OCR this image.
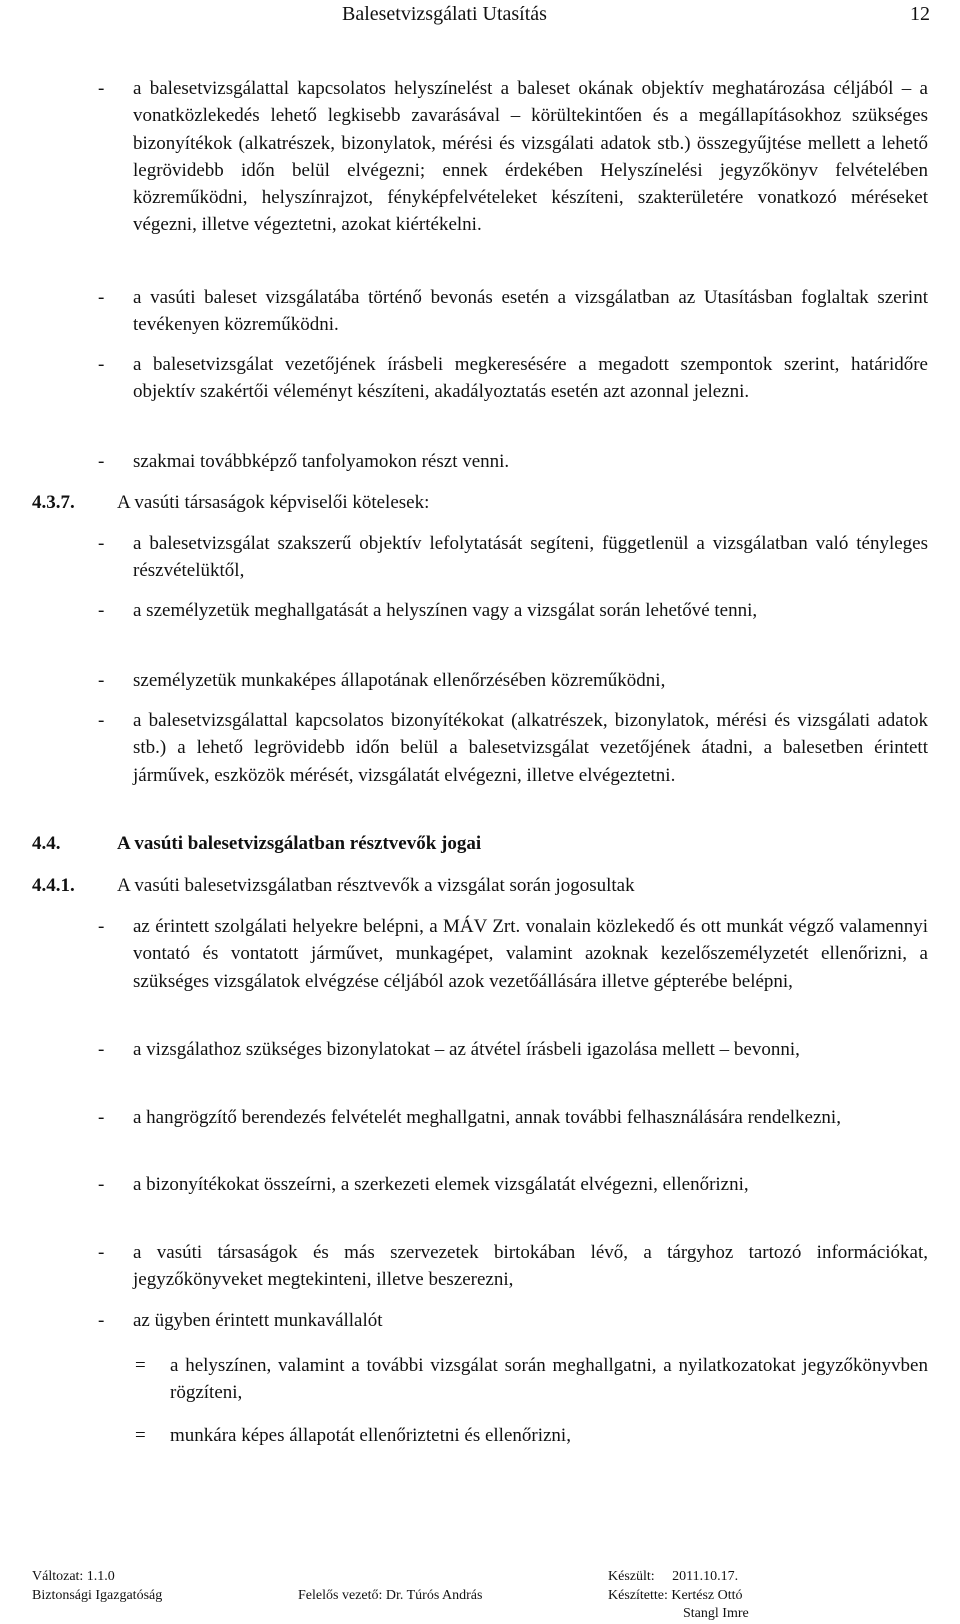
Balesetvizsgálati Utasítás	12
- a balesetvizsgálattal kapcsolatos helyszínelést a baleset okának objektív meghatározása céljából – a vonatközlekedés lehető legkisebb zavarásával – körültekintően és a megállapításokhoz szükséges bizonyítékok (alkatrészek, bizonylatok, mérési és vizsgálati adatok stb.) összegyűjtése mellett a lehető legrövidebb időn belül elvégezni; ennek érdekében Helyszínelési jegyzőkönyv felvételében közreműködni, helyszínrajzot, fényképfelvételeket készíteni, szakterületére vonatkozó méréseket végezni, illetve végeztetni, azokat kiértékelni.
- a vasúti baleset vizsgálatába történő bevonás esetén a vizsgálatban az Utasításban foglaltak szerint tevékenyen közreműködni.
- a balesetvizsgálat vezetőjének írásbeli megkeresésére a megadott szempontok szerint, határidőre objektív szakértői véleményt készíteni, akadályoztatás esetén azt azonnal jelezni.
- szakmai továbbképző tanfolyamokon részt venni.
4.3.7. A vasúti társaságok képviselői kötelesek:
- a balesetvizsgálat szakszerű objektív lefolytatását segíteni, függetlenül a vizsgálatban való tényleges részvételüktől,
- a személyzetük meghallgatását a helyszínen vagy a vizsgálat során lehetővé tenni,
- személyzetük munkaképes állapotának ellenőrzésében közreműködni,
- a balesetvizsgálattal kapcsolatos bizonyítékokat (alkatrészek, bizonylatok, mérési és vizsgálati adatok stb.) a lehető legrövidebb időn belül a balesetvizsgálat vezetőjének átadni, a balesetben érintett járművek, eszközök mérését, vizsgálatát elvégezni, illetve elvégeztetni.
4.4.	A vasúti balesetvizsgálatban résztvevők jogai
4.4.1. A vasúti balesetvizsgálatban résztvevők a vizsgálat során jogosultak
- az érintett szolgálati helyekre belépni, a MÁV Zrt. vonalain közlekedő és ott munkát végző valamennyi vontató és vontatott járművet, munkagépet, valamint azoknak kezelőszemélyzetét ellenőrizni, a szükséges vizsgálatok elvégzése céljából azok vezetőállására illetve gépterébe belépni,
- a vizsgálathoz szükséges bizonylatokat – az átvétel írásbeli igazolása mellett – bevonni,
- a hangrögzítő berendezés felvételét meghallgatni, annak további felhasználására rendelkezni,
- a bizonyítékokat összeírni, a szerkezeti elemek vizsgálatát elvégezni, ellenőrizni,
- a vasúti társaságok és más szervezetek birtokában lévő, a tárgyhoz tartozó információkat, jegyzőkönyveket megtekinteni, illetve beszerezni,
- az ügyben érintett munkavállalót
= a helyszínen, valamint a további vizsgálat során meghallgatni, a nyilatkozatokat jegyzőkönyvben rögzíteni,
= munkára képes állapotát ellenőriztetni és ellenőrizni,
Változat: 1.1.0
Biztonsági Igazgatóság	Felelős vezető: Dr. Túrós András
Készült:     2011.10.17.
Készítette: Kertész Ottó
Stangl Imre
